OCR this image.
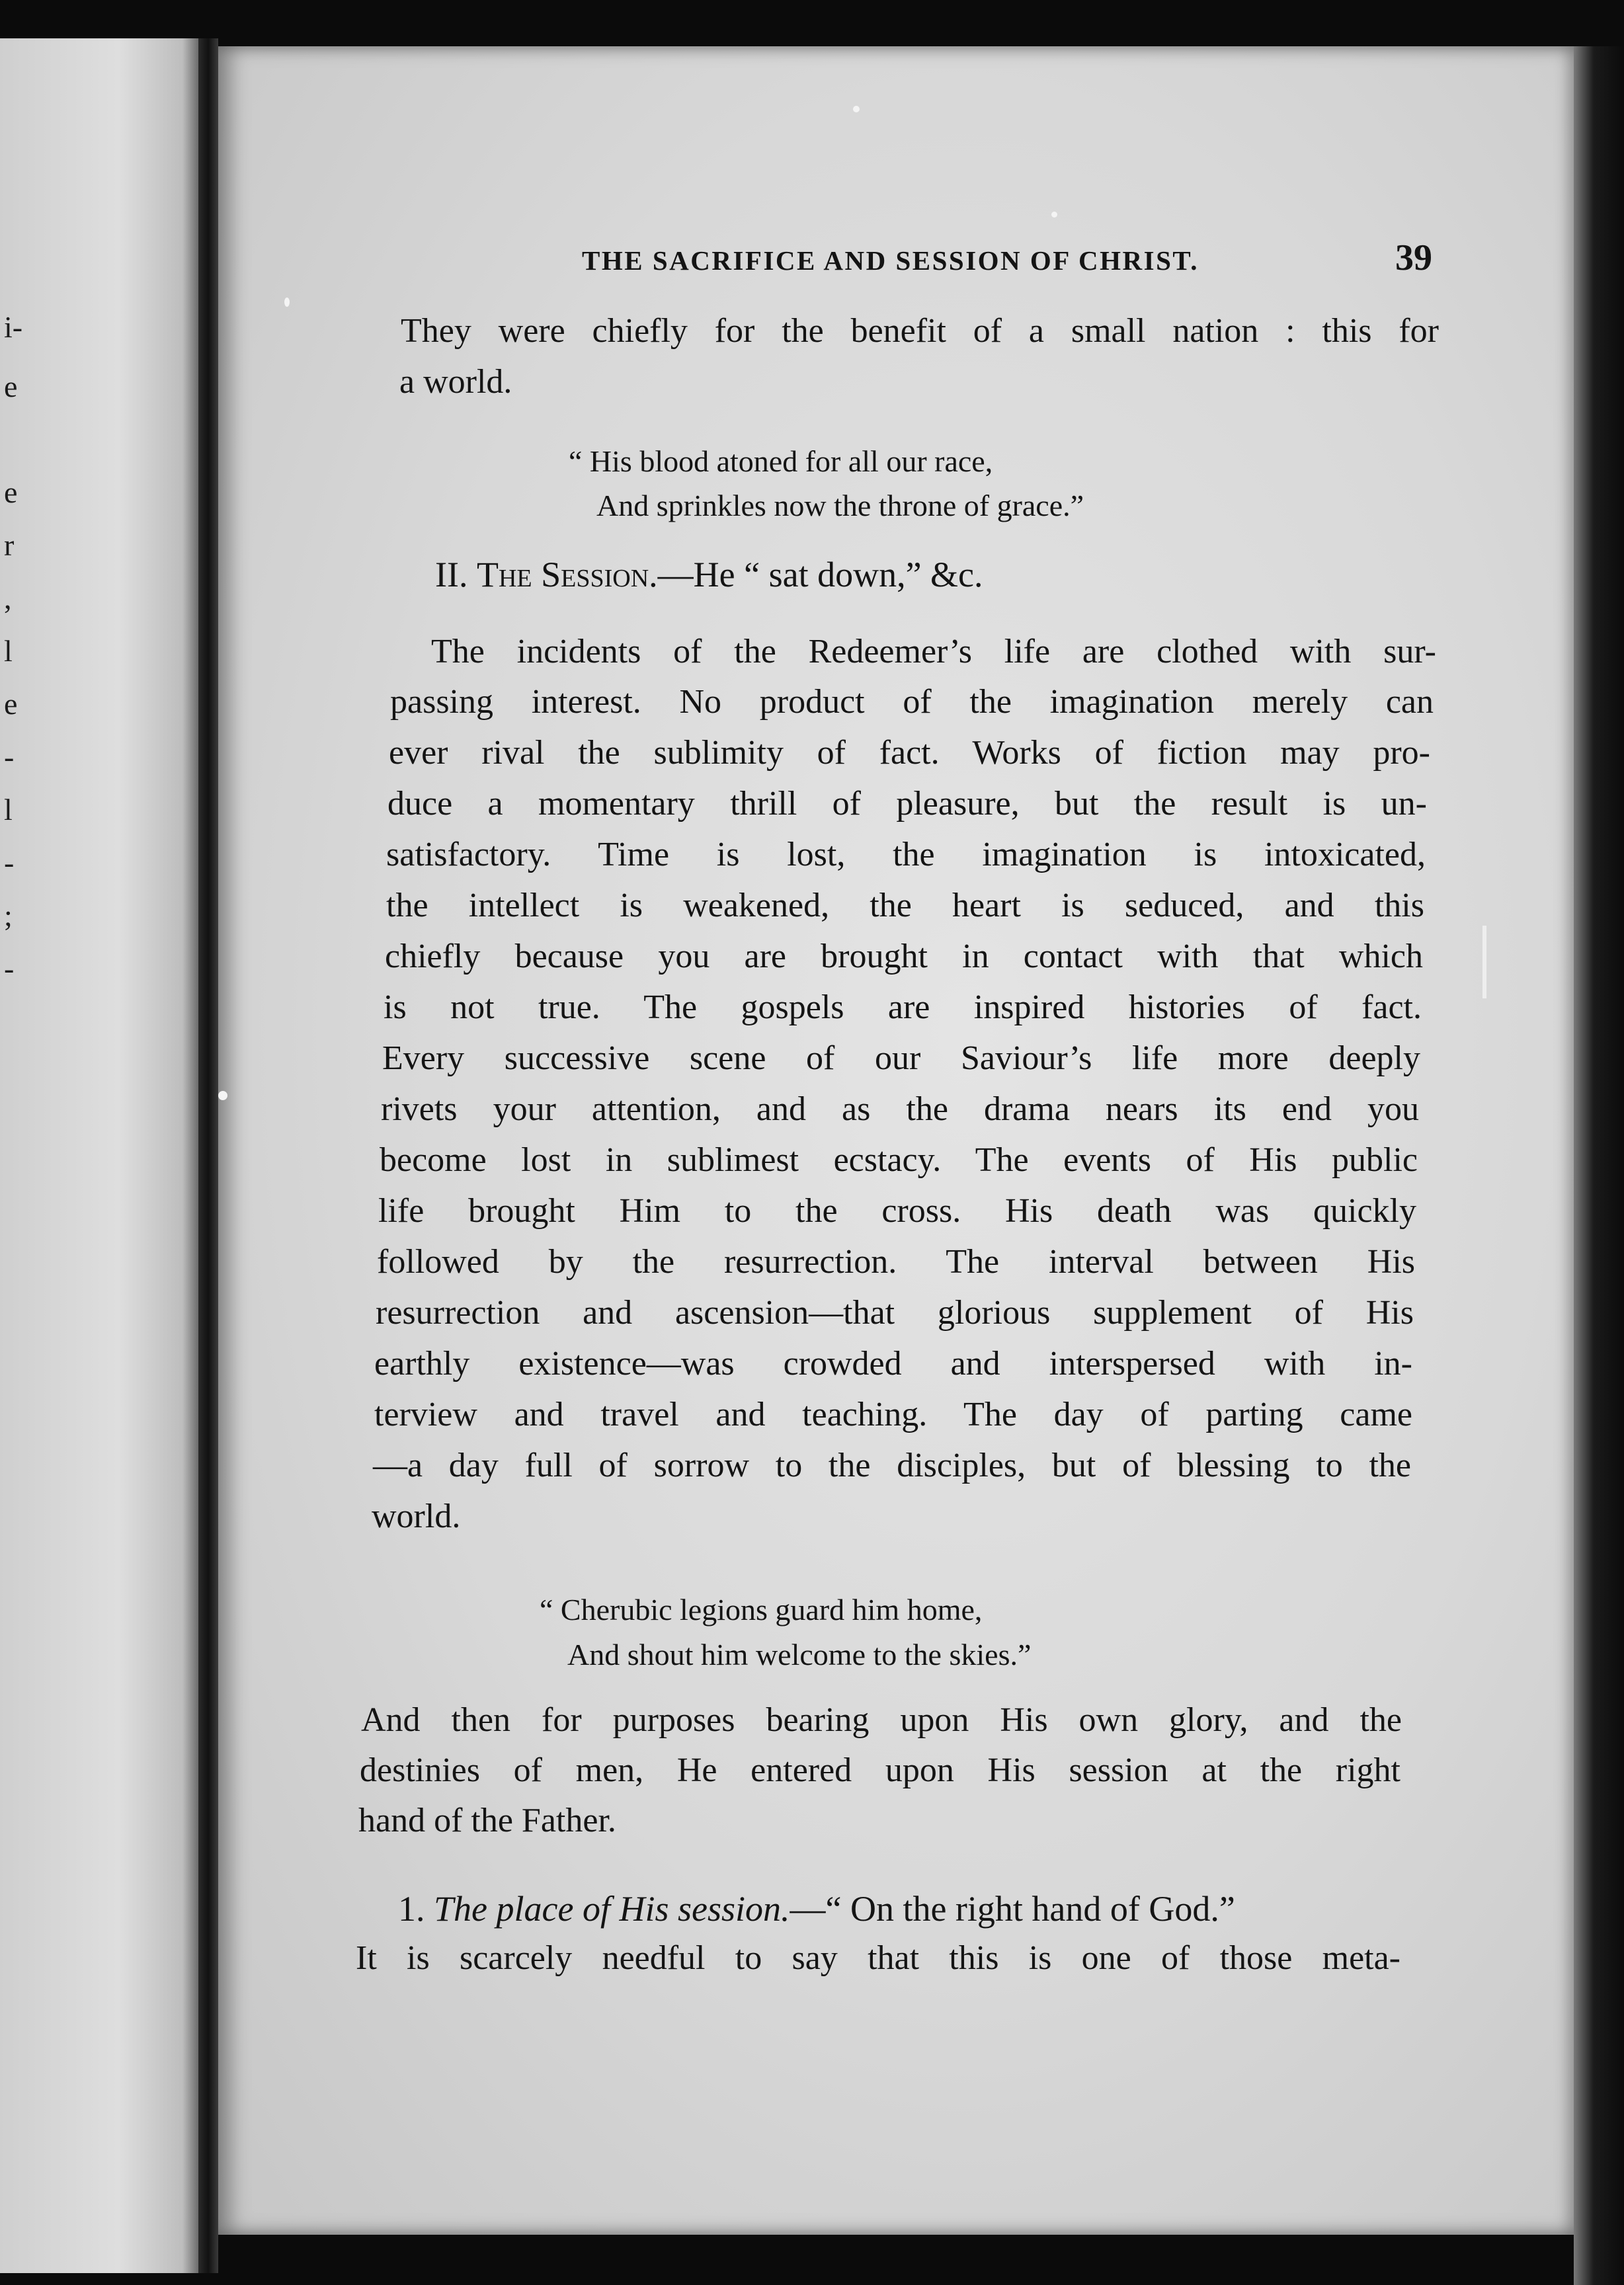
i-
e
e
r
,
l
e
-
l
-
;
-
THE SACRIFICE AND SESSION OF CHRIST.	39
They were chiefly for the benefit of a small nation : this for
a world.
“ His blood atoned for all our race,
And sprinkles now the throne of grace.”
II. The Session.—He “ sat down,” &c.
The incidents of the Redeemer’s life are clothed with sur-
passing interest. No product of the imagination merely can
ever rival the sublimity of fact. Works of fiction may pro-
duce a momentary thrill of pleasure, but the result is un-
satisfactory. Time is lost, the imagination is intoxicated,
the intellect is weakened, the heart is seduced, and this
chiefly because you are brought in contact with that which
is not true. The gospels are inspired histories of fact.
Every successive scene of our Saviour’s life more deeply
rivets your attention, and as the drama nears its end you
become lost in sublimest ecstacy. The events of His public
life brought Him to the cross. His death was quickly
followed by the resurrection. The interval between His
resurrection and ascension—that glorious supplement of His
earthly existence—was crowded and interspersed with in-
terview and travel and teaching. The day of parting came
—a day full of sorrow to the disciples, but of blessing to the
world.
“ Cherubic legions guard him home,
And shout him welcome to the skies.”
And then for purposes bearing upon His own glory, and the
destinies of men, He entered upon His session at the right
hand of the Father.
1. The place of His session.—“ On the right hand of God.”
It is scarcely needful to say that this is one of those meta-
